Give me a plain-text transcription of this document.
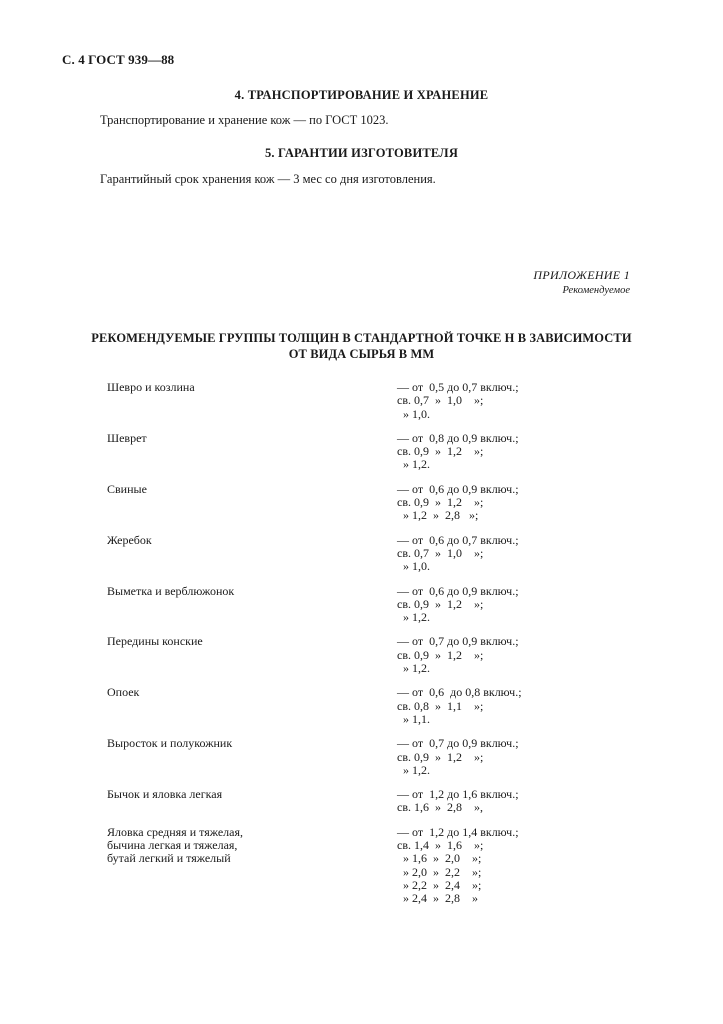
С. 4 ГОСТ 939—88
4. ТРАНСПОРТИРОВАНИЕ И ХРАНЕНИЕ
Транспортирование и хранение кож — по ГОСТ 1023.
5. ГАРАНТИИ ИЗГОТОВИТЕЛЯ
Гарантийный срок хранения кож — 3 мес со дня изготовления.
ПРИЛОЖЕНИЕ 1
Рекомендуемое
РЕКОМЕНДУЕМЫЕ ГРУППЫ ТОЛЩИН В СТАНДАРТНОЙ ТОЧКЕ Н В ЗАВИСИМОСТИ
ОТ ВИДА СЫРЬЯ В ММ
Шевро и козлина	— от  0,5 до 0,7 включ.;
св. 0,7  »  1,0    »;
» 1,0.
Шеврет	— от  0,8 до 0,9 включ.;
св. 0,9  »  1,2    »;
» 1,2.
Свиные	— от  0,6 до 0,9 включ.;
св. 0,9  »  1,2    »;
» 1,2  »  2,8   »;
Жеребок	— от  0,6 до 0,7 включ.;
св. 0,7  »  1,0    »;
» 1,0.
Выметка и верблюжонок	— от  0,6 до 0,9 включ.;
св. 0,9  »  1,2    »;
» 1,2.
Передины конские	— от  0,7 до 0,9 включ.;
св. 0,9  »  1,2    »;
» 1,2.
Опоек	— от  0,6  до 0,8 включ.;
св. 0,8  »  1,1    »;
» 1,1.
Выросток и полукожник	— от  0,7 до 0,9 включ.;
св. 0,9  »  1,2    »;
» 1,2.
Бычок и яловка легкая	— от  1,2 до 1,6 включ.;
св. 1,6  »  2,8    »,
Яловка средняя и тяжелая,
бычина легкая и тяжелая,
бутай легкий и тяжелый
— от  1,2 до 1,4 включ.;
св. 1,4  »  1,6    »;
» 1,6  »  2,0    »;
» 2,0  »  2,2    »;
» 2,2  »  2,4    »;
» 2,4  »  2,8    »
